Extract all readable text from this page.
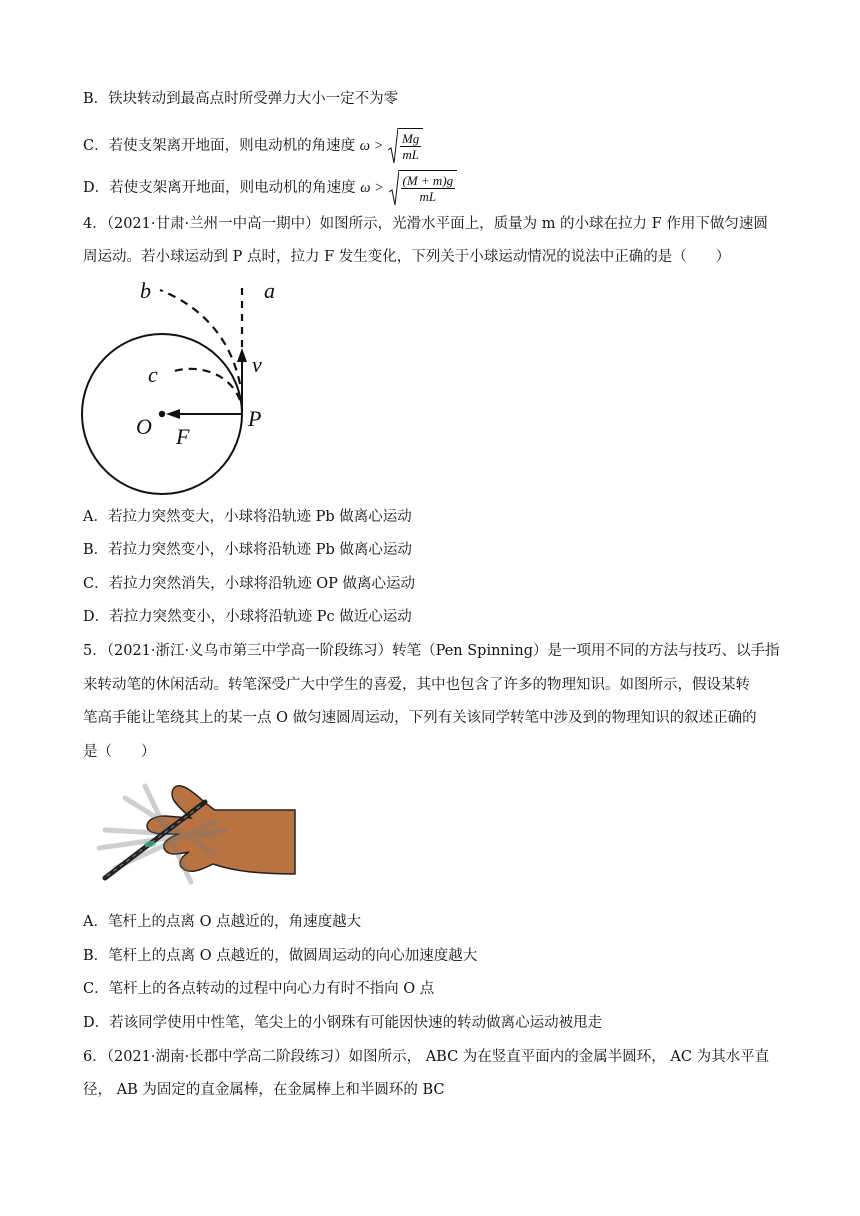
B．铁块转动到最高点时所受弹力大小一定不为零
C．若使支架离开地面，则电动机的角速度 $\omega > \frac{Mg}{mL}$
D．若使支架离开地面，则电动机的角速度 $\omega > \frac{(M + m)g}{mL}$
4．（2021·甘肃·兰州一中高一期中）如图所示，光滑水平面上，质量为 m 的小球在拉力 F 作用下做匀速圆
周运动。若小球运动到 P 点时，拉力 F 发生变化，下列关于小球运动情况的说法中正确的是（　　）
a
b
c	v
O F
P
A．若拉力突然变大，小球将沿轨迹 Pb 做离心运动
B．若拉力突然变小，小球将沿轨迹 Pb 做离心运动
C．若拉力突然消失，小球将沿轨迹 OP 做离心运动
D．若拉力突然变小，小球将沿轨迹 Pc 做近心运动
5．（2021·浙江·义乌市第三中学高一阶段练习）转笔（Pen Spinning）是一项用不同的方法与技巧、以手指
来转动笔的休闲活动。转笔深受广大中学生的喜爱，其中也包含了许多的物理知识。如图所示，假设某转
笔高手能让笔绕其上的某一点 O 做匀速圆周运动，下列有关该同学转笔中涉及到的物理知识的叙述正确的
是（　　）
A．笔杆上的点离 O 点越近的，角速度越大
B．笔杆上的点离 O 点越近的，做圆周运动的向心加速度越大
C．笔杆上的各点转动的过程中向心力有时不指向 O 点
D．若该同学使用中性笔，笔尖上的小钢珠有可能因快速的转动做离心运动被甩走
6．（2021·湖南·长郡中学高二阶段练习）如图所示， ABC 为在竖直平面内的金属半圆环， AC 为其水平直
径， AB 为固定的直金属棒，在金属棒上和半圆环的 BC
